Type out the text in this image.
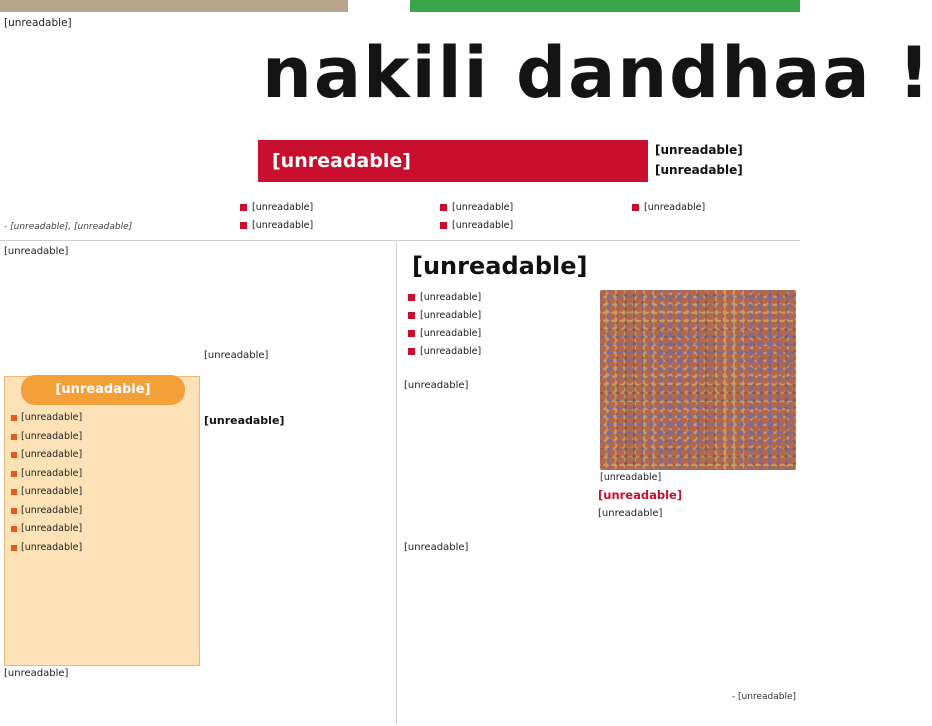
[unreadable]

- [unreadable], [unreadable]
nakili dandhaa !
[unreadable]	[unreadable]
[unreadable]
[unreadable]	[unreadable]	[unreadable]
[unreadable]	[unreadable]

[unreadable]

[unreadable]
[unreadable]
[unreadable]
[unreadable]
[unreadable]
[unreadable]
[unreadable]
[unreadable]
[unreadable]

[unreadable]

[unreadable]

[unreadable]

[unreadable]
[unreadable]
[unreadable]
[unreadable]
[unreadable]
[unreadable]

[unreadable]

[unreadable]

[unreadable]

[unreadable]

- [unreadable]
